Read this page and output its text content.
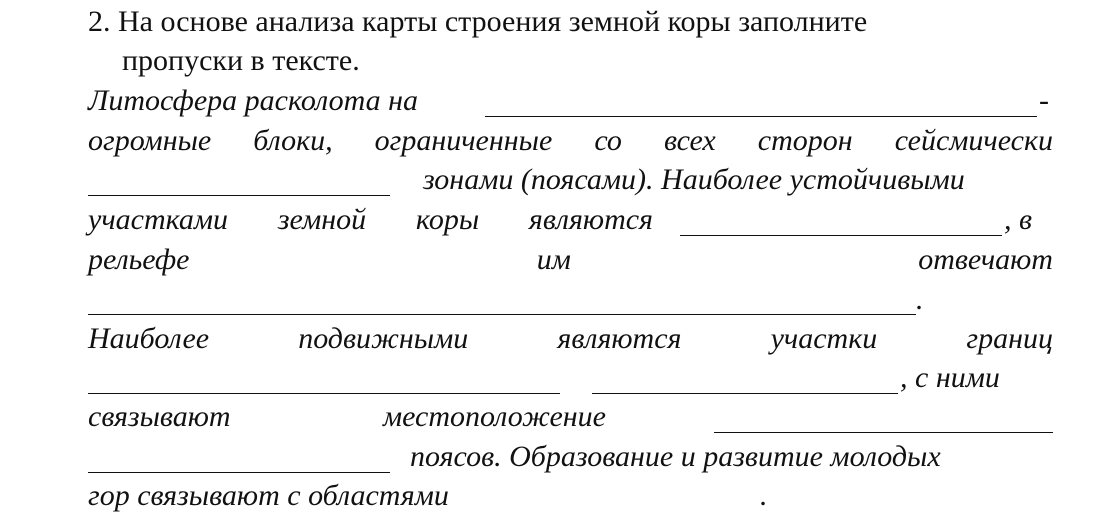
2. На основе анализа карты строения земной коры заполните
пропуски в тексте.
Литосфера расколота на	-
огромные блоки, ограниченные со всех сторон сейсмически
зонами (поясами). Наиболее устойчивыми
участками земной коры являются	, в
рельефе	им	отвечают
.
Наиболее	подвижными	являются	участки	границ
, с ними
связывают	местоположение
поясов. Образование и развитие молодых
гор связывают с областями	.
